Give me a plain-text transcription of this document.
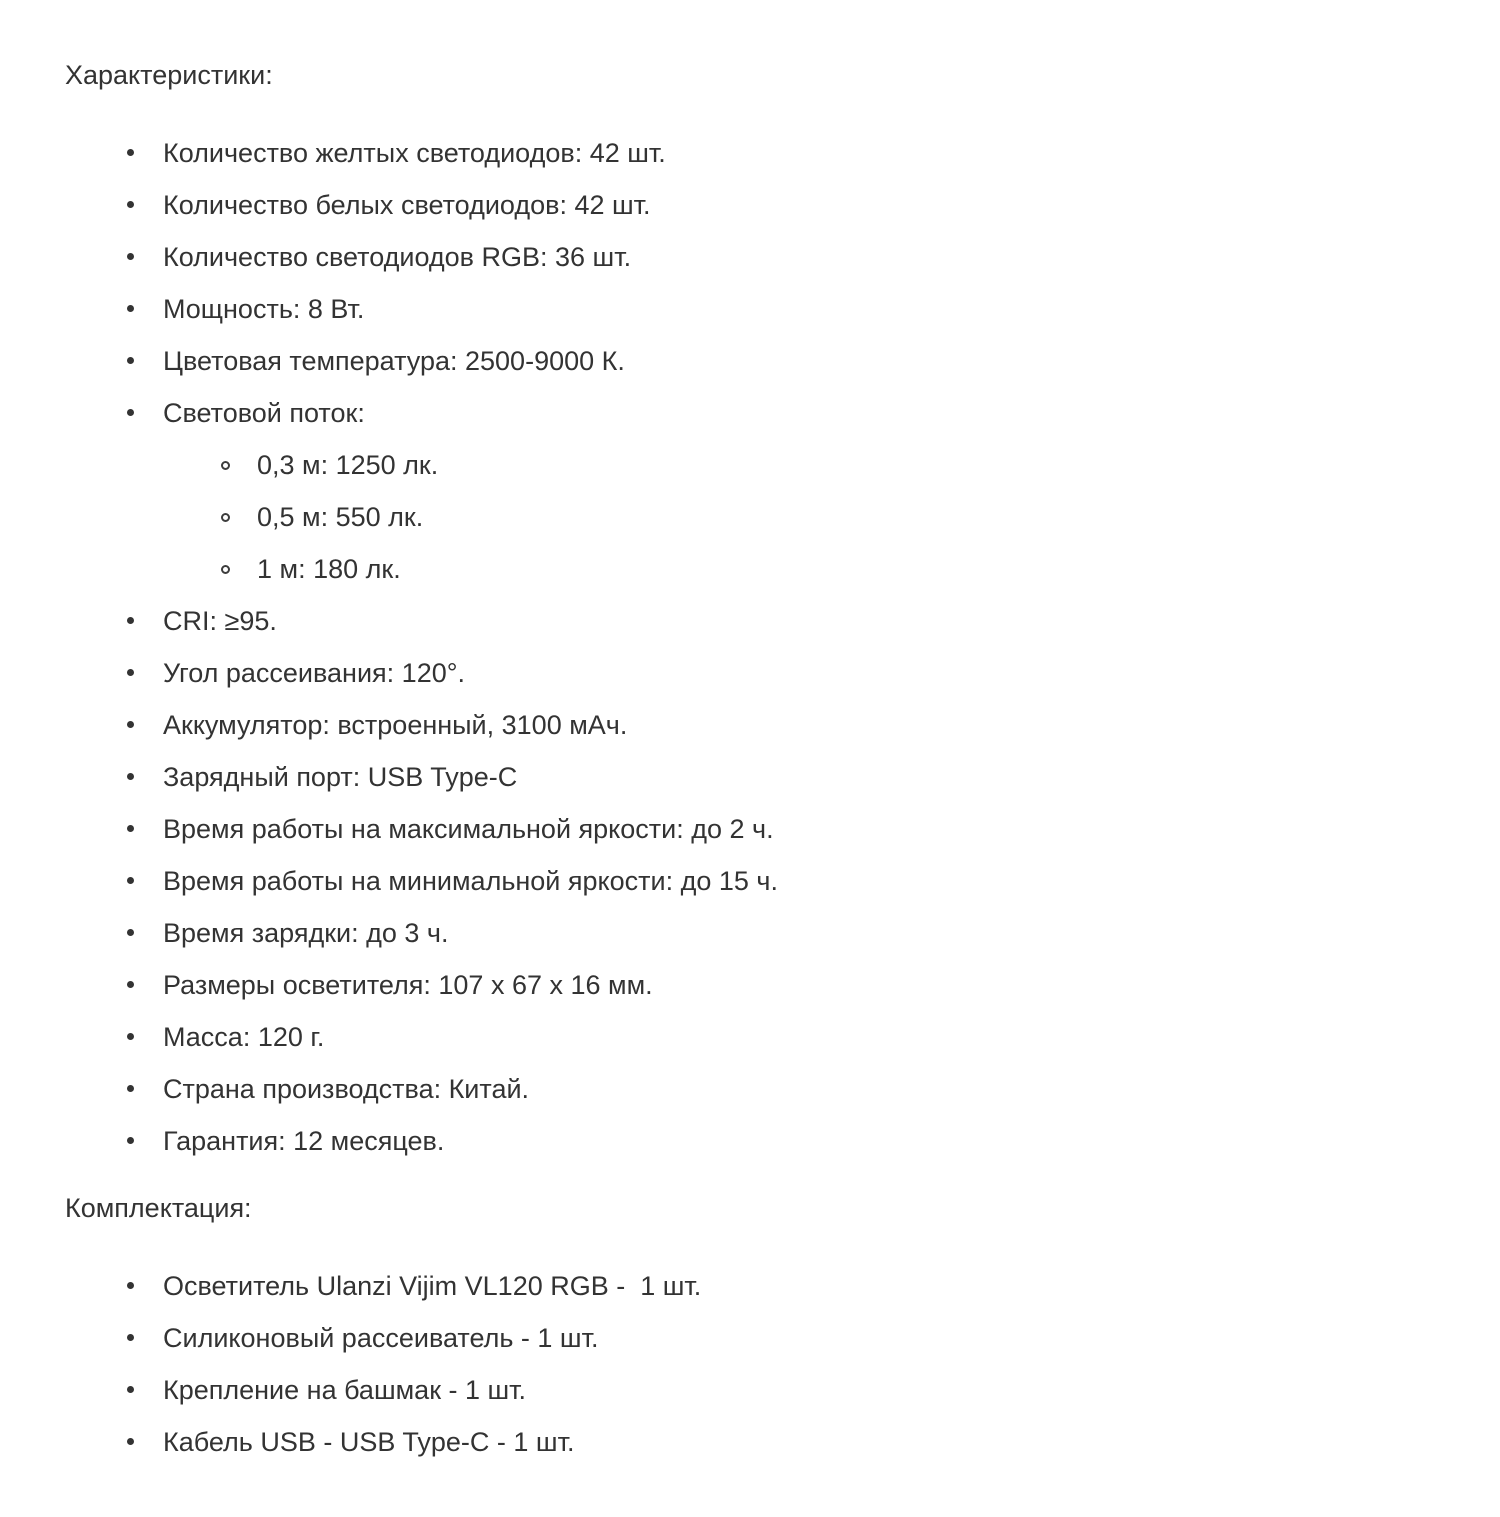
Характеристики:
Количество желтых светодиодов: 42 шт.
Количество белых светодиодов: 42 шт.
Количество светодиодов RGB: 36 шт.
Мощность: 8 Вт.
Цветовая температура: 2500-9000 К.
Световой поток:
0,3 м: 1250 лк.
0,5 м: 550 лк.
1 м: 180 лк.
CRI: ≥95.
Угол рассеивания: 120°.
Аккумулятор: встроенный, 3100 мАч.
Зарядный порт: USB Type-C
Время работы на максимальной яркости: до 2 ч.
Время работы на минимальной яркости: до 15 ч.
Время зарядки: до 3 ч.
Размеры осветителя: 107 x 67 x 16 мм.
Масса: 120 г.
Страна производства: Китай.
Гарантия: 12 месяцев.
Комплектация:
Осветитель Ulanzi Vijim VL120 RGB -  1 шт.
Силиконовый рассеиватель - 1 шт.
Крепление на башмак - 1 шт.
Кабель USB - USB Type-C - 1 шт.
